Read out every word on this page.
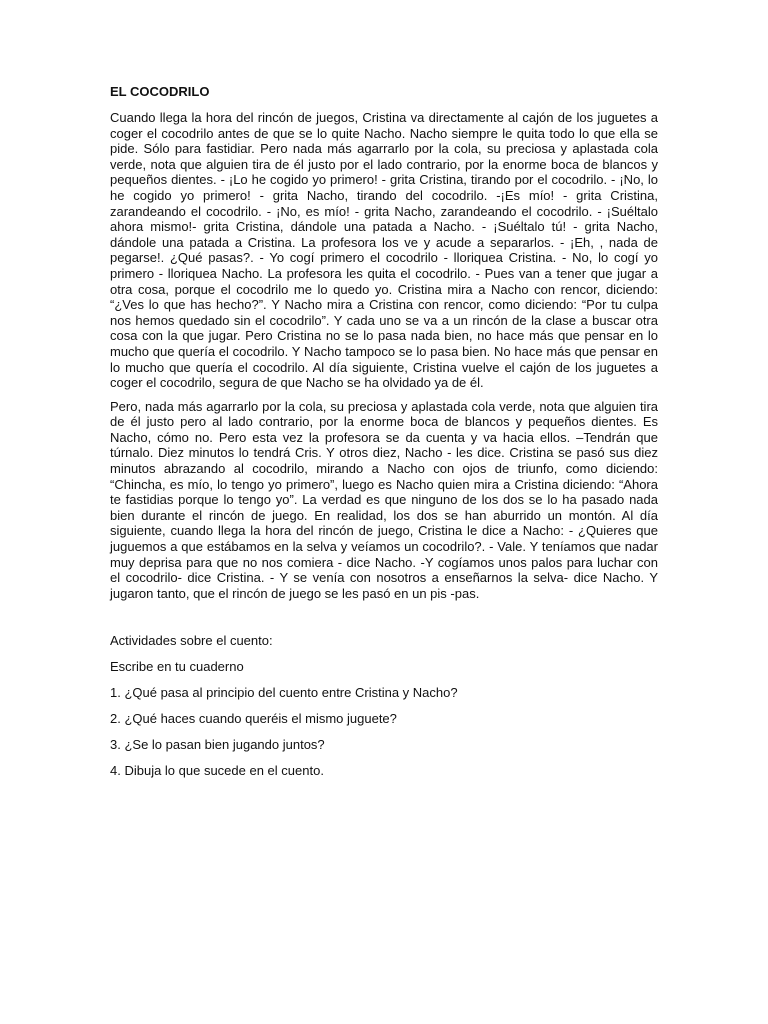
EL COCODRILO

Cuando llega la hora del rincón de juegos, Cristina va directamente al cajón de los juguetes a coger el cocodrilo antes de que se lo quite Nacho. Nacho siempre le quita todo lo que ella se pide. Sólo para fastidiar. Pero nada más agarrarlo por la cola, su preciosa y aplastada cola verde, nota que alguien tira de él justo por el lado contrario, por la enorme boca de blancos y pequeños dientes. - ¡Lo he cogido yo primero! - grita Cristina, tirando por el cocodrilo. - ¡No, lo he cogido yo primero! - grita Nacho, tirando del cocodrilo. -¡Es mío! - grita Cristina, zarandeando el cocodrilo. - ¡No, es mío! - grita Nacho, zarandeando el cocodrilo. - ¡Suéltalo ahora mismo!- grita Cristina, dándole una patada a Nacho. - ¡Suéltalo tú! - grita Nacho, dándole una patada a Cristina. La profesora los ve y acude a separarlos. - ¡Eh, , nada de pegarse!. ¿Qué pasas?. - Yo cogí primero el cocodrilo - lloriquea Cristina. - No, lo cogí yo primero - lloriquea Nacho. La profesora les quita el cocodrilo. - Pues van a tener que jugar a otra cosa, porque el cocodrilo me lo quedo yo. Cristina mira a Nacho con rencor, diciendo: “¿Ves lo que has hecho?”. Y Nacho mira a Cristina con rencor, como diciendo: “Por tu culpa nos hemos quedado sin el cocodrilo”. Y cada uno se va a un rincón de la clase a buscar otra cosa con la que jugar. Pero Cristina no se lo pasa nada bien, no hace más que pensar en lo mucho que quería el cocodrilo. Y Nacho tampoco se lo pasa bien. No hace más que pensar en lo mucho que quería el cocodrilo. Al día siguiente, Cristina vuelve el cajón de los juguetes a coger el cocodrilo, segura de que Nacho se ha olvidado ya de él.

Pero, nada más agarrarlo por la cola, su preciosa y aplastada cola verde, nota que alguien tira de él justo pero al lado contrario, por la enorme boca de blancos y pequeños dientes. Es Nacho, cómo no. Pero esta vez la profesora se da cuenta y va hacia ellos. –Tendrán que túrnalo. Diez minutos lo tendrá Cris. Y otros diez, Nacho - les dice. Cristina se pasó sus diez minutos abrazando al cocodrilo, mirando a Nacho con ojos de triunfo, como diciendo: “Chincha, es mío, lo tengo yo primero”, luego es Nacho quien mira a Cristina diciendo: “Ahora te fastidias porque lo tengo yo”. La verdad es que ninguno de los dos se lo ha pasado nada bien durante el rincón de juego. En realidad, los dos se han aburrido un montón. Al día siguiente, cuando llega la hora del rincón de juego, Cristina le dice a Nacho: - ¿Quieres que juguemos a que estábamos en la selva y veíamos un cocodrilo?. - Vale. Y teníamos que nadar muy deprisa para que no nos comiera - dice Nacho. -Y cogíamos unos palos para luchar con el cocodrilo- dice Cristina. - Y se venía con nosotros a enseñarnos la selva- dice Nacho. Y jugaron tanto, que el rincón de juego se les pasó en un pis -pas.

Actividades sobre el cuento:
Escribe en tu cuaderno
1. ¿Qué pasa al principio del cuento entre Cristina y Nacho?
2. ¿Qué haces cuando queréis el mismo juguete?
3. ¿Se lo pasan bien jugando juntos?
4. Dibuja lo que sucede en el cuento.
